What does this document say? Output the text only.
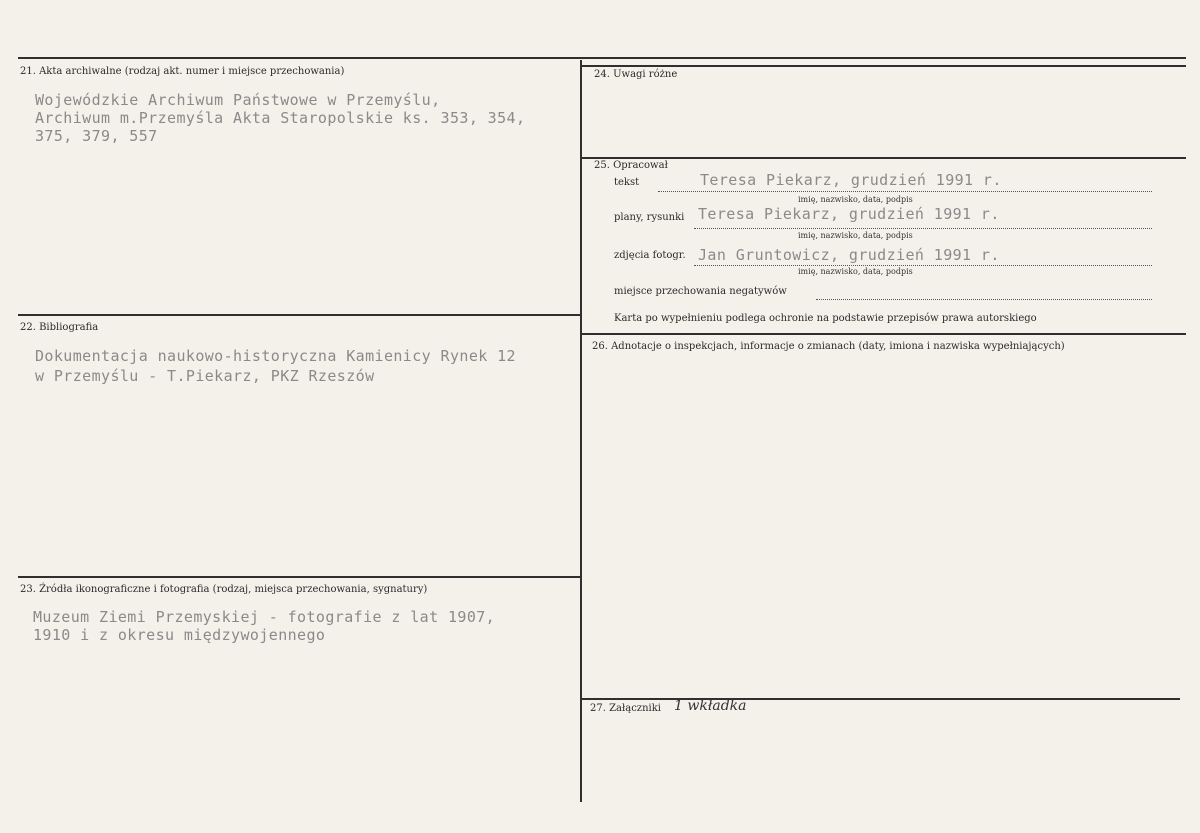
21. Akta archiwalne (rodzaj akt. numer i miejsce przechowania)
Wojewódzkie Archiwum Państwowe w Przemyślu,
Archiwum m.Przemyśla Akta Staropolskie ks. 353, 354,
375, 379, 557
22. Bibliografia
Dokumentacja naukowo-historyczna Kamienicy Rynek 12
w Przemyślu - T.Piekarz, PKZ Rzeszów
23. Źródła ikonograficzne i fotografia (rodzaj, miejsca przechowania, sygnatury)
Muzeum Ziemi Przemyskiej - fotografie z lat 1907,
1910 i z okresu międzywojennego
24. Uwagi różne
25. Opracował
tekst	Teresa Piekarz, grudzień 1991 r.
imię, nazwisko, data, podpis
plany, rysunki Teresa Piekarz, grudzień 1991 r.
imię, nazwisko, data, podpis
zdjęcia fotogr. Jan Gruntowicz, grudzień 1991 r.
imię, nazwisko, data, podpis
miejsce przechowania negatywów
Karta po wypełnieniu podlega ochronie na podstawie przepisów prawa autorskiego
26. Adnotacje o inspekcjach, informacje o zmianach (daty, imiona i nazwiska wypełniających)
27. Załączniki 1 wkładka
